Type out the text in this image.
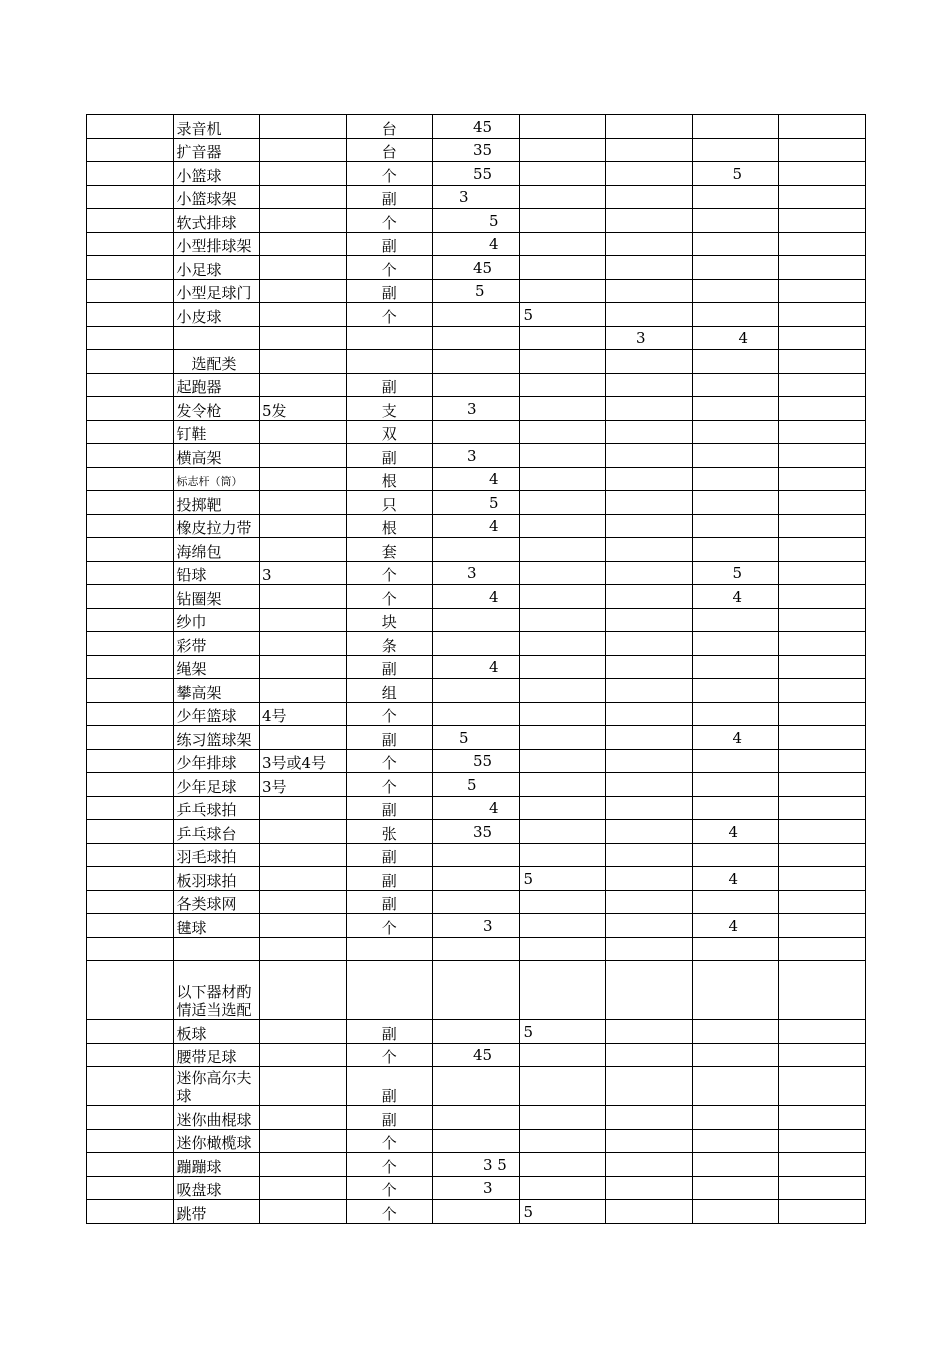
	录音机		台	45				

	扩音器		台	35				

	小篮球		个	55			5	

	小篮球架		副	3				

	软式排球		个	5				

	小型排球架		副	4				

	小足球		个	45				

	小型足球门		副	5				

	小皮球		个		5			

						3	4	

	选配类							
	起跑器		副					
	发令枪	5发	支	3				

	钉鞋		双					
	横高架		副	3				

	标志杆（筒）		根	4				

	投掷靶		只	5				

	橡皮拉力带		根	4				

	海绵包		套					
	铅球	3	个	3			5	

	钻圈架		个	4			4	

	纱巾		块					
	彩带		条					
	绳架		副	4				

	攀高架		组					
	少年篮球	4号	个					
	练习篮球架		副	5			4	

	少年排球	3号或4号	个	55				

	少年足球	3号	个	5				

	乒乓球拍		副	4				

	乒乓球台		张	35			4	

	羽毛球拍		副					
	板羽球拍		副		5		4	

	各类球网		副					
	毽球		个	3			4	

	以下器材酌情适当选配							
	板球		副		5			

	腰带足球		个	45				

	迷你高尔夫球		副					
	迷你曲棍球		副					
	迷你橄榄球		个					
	蹦蹦球		个	3 5				

	吸盘球		个	3				

	跳带		个		5			
